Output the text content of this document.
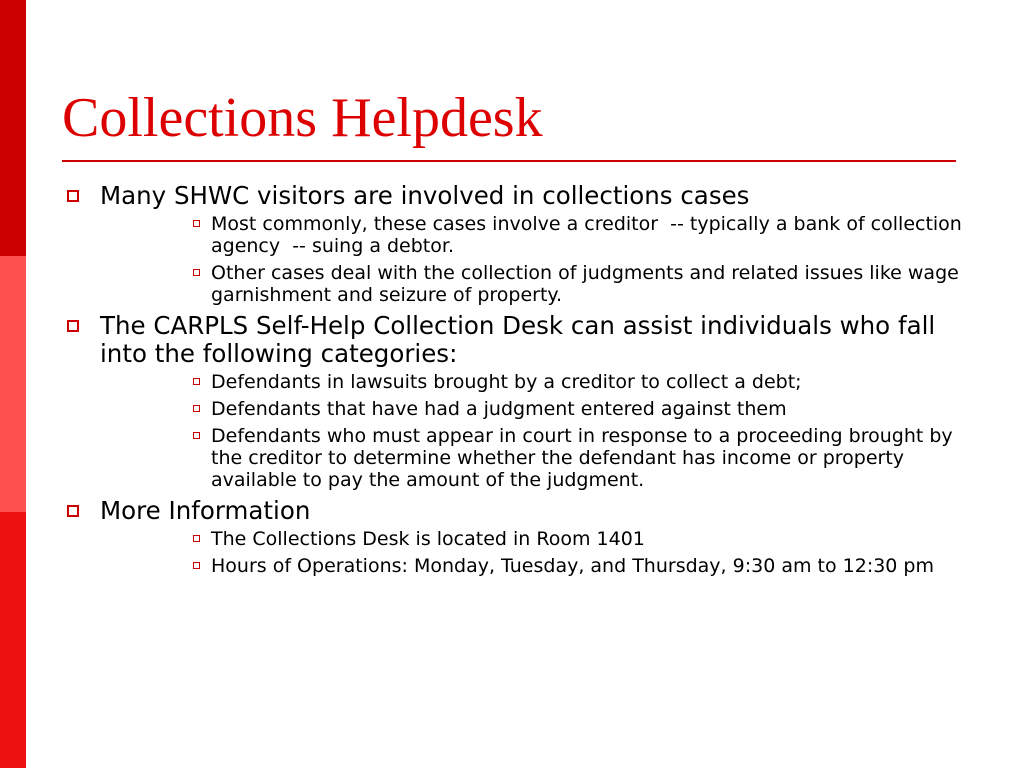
Collections Helpdesk
Many SHWC visitors are involved in collections cases
Most commonly, these cases involve a creditor  -- typically a bank of collection agency  -- suing a debtor.
Other cases deal with the collection of judgments and related issues like wage garnishment and seizure of property.
The CARPLS Self-Help Collection Desk can assist individuals who fall into the following categories:
Defendants in lawsuits brought by a creditor to collect a debt;
Defendants that have had a judgment entered against them
Defendants who must appear in court in response to a proceeding brought by the creditor to determine whether the defendant has income or property available to pay the amount of the judgment.
More Information
The Collections Desk is located in Room 1401
Hours of Operations: Monday, Tuesday, and Thursday, 9:30 am to 12:30 pm
